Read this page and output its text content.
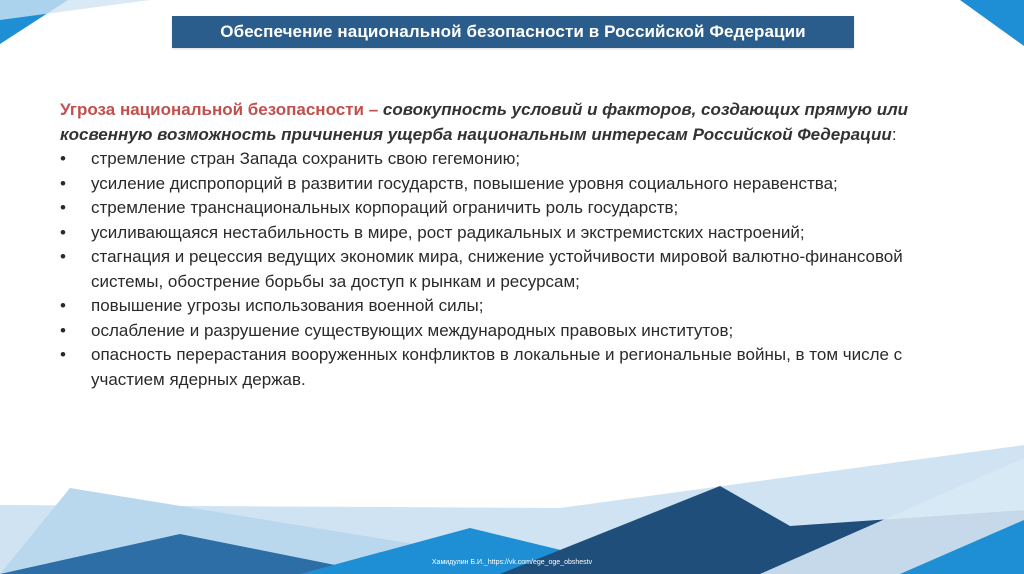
Обеспечение национальной безопасности в Российской Федерации

Угроза национальной безопасности – совокупность условий и факторов, создающих прямую или косвенную возможность причинения ущерба национальным интересам Российской Федерации:

• стремление стран Запада сохранить свою гегемонию;
• усиление диспропорций в развитии государств, повышение уровня социального неравенства;
• стремление транснациональных корпораций ограничить роль государств;
• усиливающаяся нестабильность в мире, рост радикальных и экстремистских настроений;
• стагнация и рецессия ведущих экономик мира, снижение устойчивости мировой валютно-финансовой системы, обострение борьбы за доступ к рынкам и ресурсам;
• повышение угрозы использования военной силы;
• ослабление и разрушение существующих международных правовых институтов;
• опасность перерастания вооруженных конфликтов в локальные и региональные войны, в том числе с участием ядерных держав.
Хамидулин Б.И._https://vk.com/ege_oge_obshestv
